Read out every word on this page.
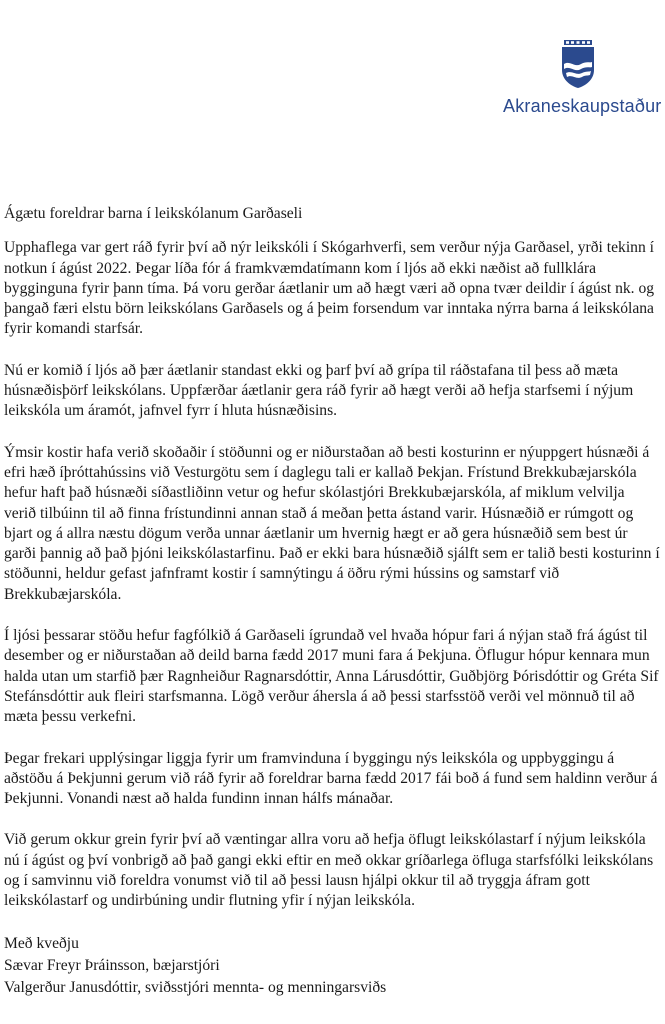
Akraneskaupstaður

Ágætu foreldrar barna í leikskólanum Garðaseli

Upphaflega var gert ráð fyrir því að nýr leikskóli í Skógarhverfi, sem verður nýja Garðasel, yrði tekinn í notkun í ágúst 2022. Þegar líða fór á framkvæmdatímann kom í ljós að ekki næðist að fullklára bygginguna fyrir þann tíma. Þá voru gerðar áætlanir um að hægt væri að opna tvær deildir í ágúst nk. og þangað færi elstu börn leikskólans Garðasels og á þeim forsendum var inntaka nýrra barna á leikskólana fyrir komandi starfsár.

Nú er komið í ljós að þær áætlanir standast ekki og þarf því að grípa til ráðstafana til þess að mæta húsnæðisþörf leikskólans. Uppfærðar áætlanir gera ráð fyrir að hægt verði að hefja starfsemi í nýjum leikskóla um áramót, jafnvel fyrr í hluta húsnæðisins.

Ýmsir kostir hafa verið skoðaðir í stöðunni og er niðurstaðan að besti kosturinn er nýuppgert húsnæði á efri hæð íþróttahússins við Vesturgötu sem í daglegu tali er kallað Þekjan. Frístund Brekkubæjarskóla hefur haft það húsnæði síðastliðinn vetur og hefur skólastjóri Brekkubæjarskóla, af miklum velvilja verið tilbúinn til að finna frístundinni annan stað á meðan þetta ástand varir. Húsnæðið er rúmgott og bjart og á allra næstu dögum verða unnar áætlanir um hvernig hægt er að gera húsnæðið sem best úr garði þannig að það þjóni leikskólastarfinu. Það er ekki bara húsnæðið sjálft sem er talið besti kosturinn í stöðunni, heldur gefast jafnframt kostir í samnýtingu á öðru rými hússins og samstarf við Brekkubæjarskóla.

Í ljósi þessarar stöðu hefur fagfólkið á Garðaseli ígrundað vel hvaða hópur fari á nýjan stað frá ágúst til desember og er niðurstaðan að deild barna fædd 2017 muni fara á Þekjuna. Öflugur hópur kennara mun halda utan um starfið þær Ragnheiður Ragnarsdóttir, Anna Lárusdóttir, Guðbjörg Þórisdóttir og Gréta Sif Stefánsdóttir auk fleiri starfsmanna. Lögð verður áhersla á að þessi starfsstöð verði vel mönnuð til að mæta þessu verkefni.

Þegar frekari upplýsingar liggja fyrir um framvinduna í byggingu nýs leikskóla og uppbyggingu á aðstöðu á Þekjunni gerum við ráð fyrir að foreldrar barna fædd 2017 fái boð á fund sem haldinn verður á Þekjunni. Vonandi næst að halda fundinn innan hálfs mánaðar.

Við gerum okkur grein fyrir því að væntingar allra voru að hefja öflugt leikskólastarf í nýjum leikskóla nú í ágúst og því vonbrigð að það gangi ekki eftir en með okkar gríðarlega öfluga starfsfólki leikskólans og í samvinnu við foreldra vonumst við til að þessi lausn hjálpi okkur til að tryggja áfram gott leikskólastarf og undirbúning undir flutning yfir í nýjan leikskóla.

Með kveðju
Sævar Freyr Þráinsson, bæjarstjóri
Valgerður Janusdóttir, sviðsstjóri mennta- og menningarsviðs
